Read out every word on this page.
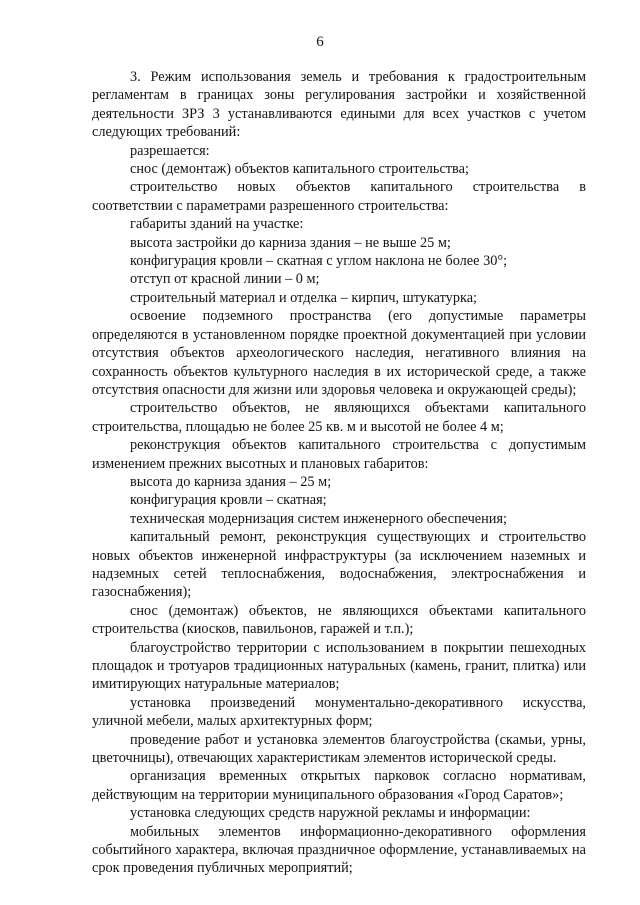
6

3. Режим использования земель и требования к градостроительным регламентам в границах зоны регулирования застройки и хозяйственной деятельности ЗРЗ 3 устанавливаются едиными для всех участков с учетом следующих требований:

разрешается:

снос (демонтаж) объектов капитального строительства;

строительство новых объектов капитального строительства в соответствии с параметрами разрешенного строительства:

габариты зданий на участке:

высота застройки до карниза здания – не выше 25 м;

конфигурация кровли – скатная с углом наклона не более 30°;

отступ от красной линии – 0 м;

строительный материал и отделка – кирпич, штукатурка;

освоение подземного пространства (его допустимые параметры определяются в установленном порядке проектной документацией при условии отсутствия объектов археологического наследия, негативного влияния на сохранность объектов культурного наследия в их исторической среде, а также отсутствия опасности для жизни или здоровья человека и окружающей среды);

строительство объектов, не являющихся объектами капитального строительства, площадью не более 25 кв. м и высотой не более 4 м;

реконструкция объектов капитального строительства с допустимым изменением прежних высотных и плановых габаритов:

высота до карниза здания – 25 м;

конфигурация кровли – скатная;

техническая модернизация систем инженерного обеспечения;

капитальный ремонт, реконструкция существующих и строительство новых объектов инженерной инфраструктуры (за исключением наземных и надземных сетей теплоснабжения, водоснабжения, электроснабжения и газоснабжения);

снос (демонтаж) объектов, не являющихся объектами капитального строительства (киосков, павильонов, гаражей и т.п.);

благоустройство территории с использованием в покрытии пешеходных площадок и тротуаров традиционных натуральных (камень, гранит, плитка) или имитирующих натуральные материалов;

установка произведений монументально-декоративного искусства, уличной мебели, малых архитектурных форм;

проведение работ и установка элементов благоустройства (скамьи, урны, цветочницы), отвечающих характеристикам элементов исторической среды.

организация временных открытых парковок согласно нормативам, действующим на территории муниципального образования «Город Саратов»;

установка следующих средств наружной рекламы и информации:

мобильных элементов информационно-декоративного оформления событийного характера, включая праздничное оформление, устанавливаемых на срок проведения публичных мероприятий;
